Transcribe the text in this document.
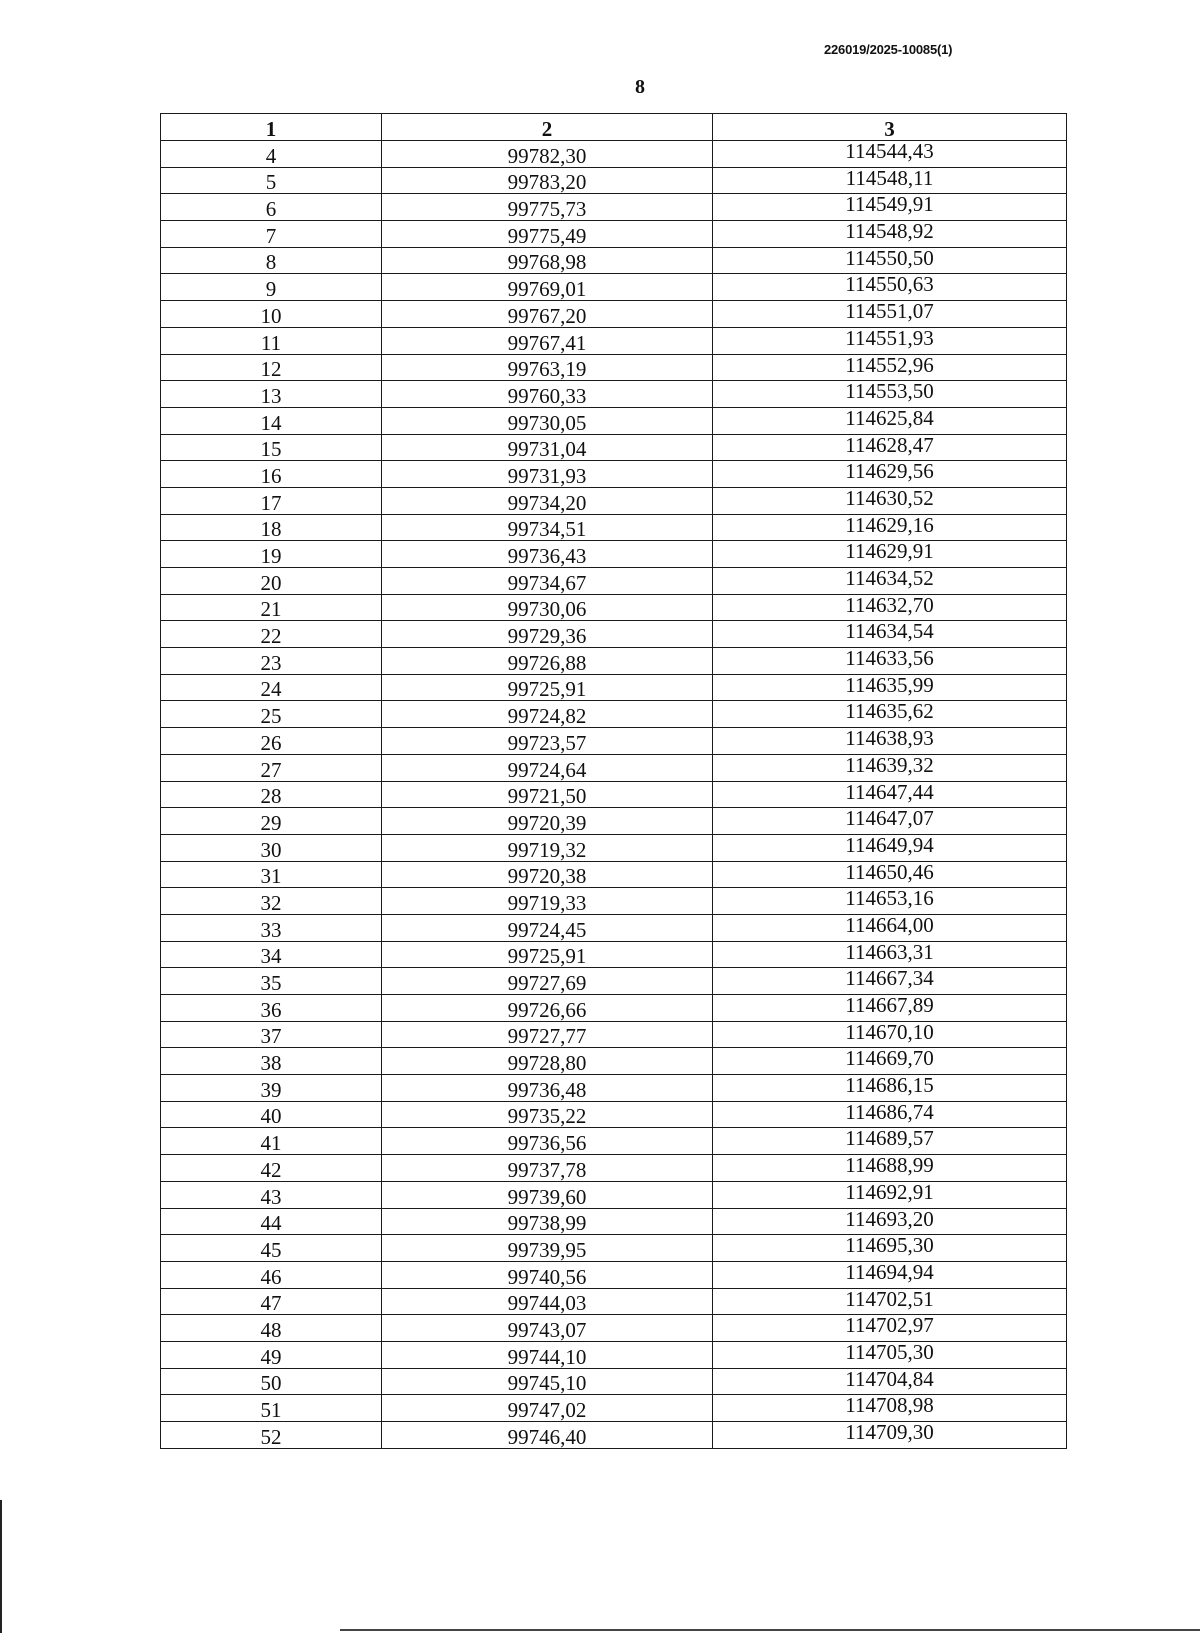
226019/2025-10085(1)
8
1	2	3
4	99782,30	114544,43
5	99783,20	114548,11
6	99775,73	114549,91
7	99775,49	114548,92
8	99768,98	114550,50
9	99769,01	114550,63
10	99767,20	114551,07
11	99767,41	114551,93
12	99763,19	114552,96
13	99760,33	114553,50
14	99730,05	114625,84
15	99731,04	114628,47
16	99731,93	114629,56
17	99734,20	114630,52
18	99734,51	114629,16
19	99736,43	114629,91
20	99734,67	114634,52
21	99730,06	114632,70
22	99729,36	114634,54
23	99726,88	114633,56
24	99725,91	114635,99
25	99724,82	114635,62
26	99723,57	114638,93
27	99724,64	114639,32
28	99721,50	114647,44
29	99720,39	114647,07
30	99719,32	114649,94
31	99720,38	114650,46
32	99719,33	114653,16
33	99724,45	114664,00
34	99725,91	114663,31
35	99727,69	114667,34
36	99726,66	114667,89
37	99727,77	114670,10
38	99728,80	114669,70
39	99736,48	114686,15
40	99735,22	114686,74
41	99736,56	114689,57
42	99737,78	114688,99
43	99739,60	114692,91
44	99738,99	114693,20
45	99739,95	114695,30
46	99740,56	114694,94
47	99744,03	114702,51
48	99743,07	114702,97
49	99744,10	114705,30
50	99745,10	114704,84
51	99747,02	114708,98
52	99746,40	114709,30
